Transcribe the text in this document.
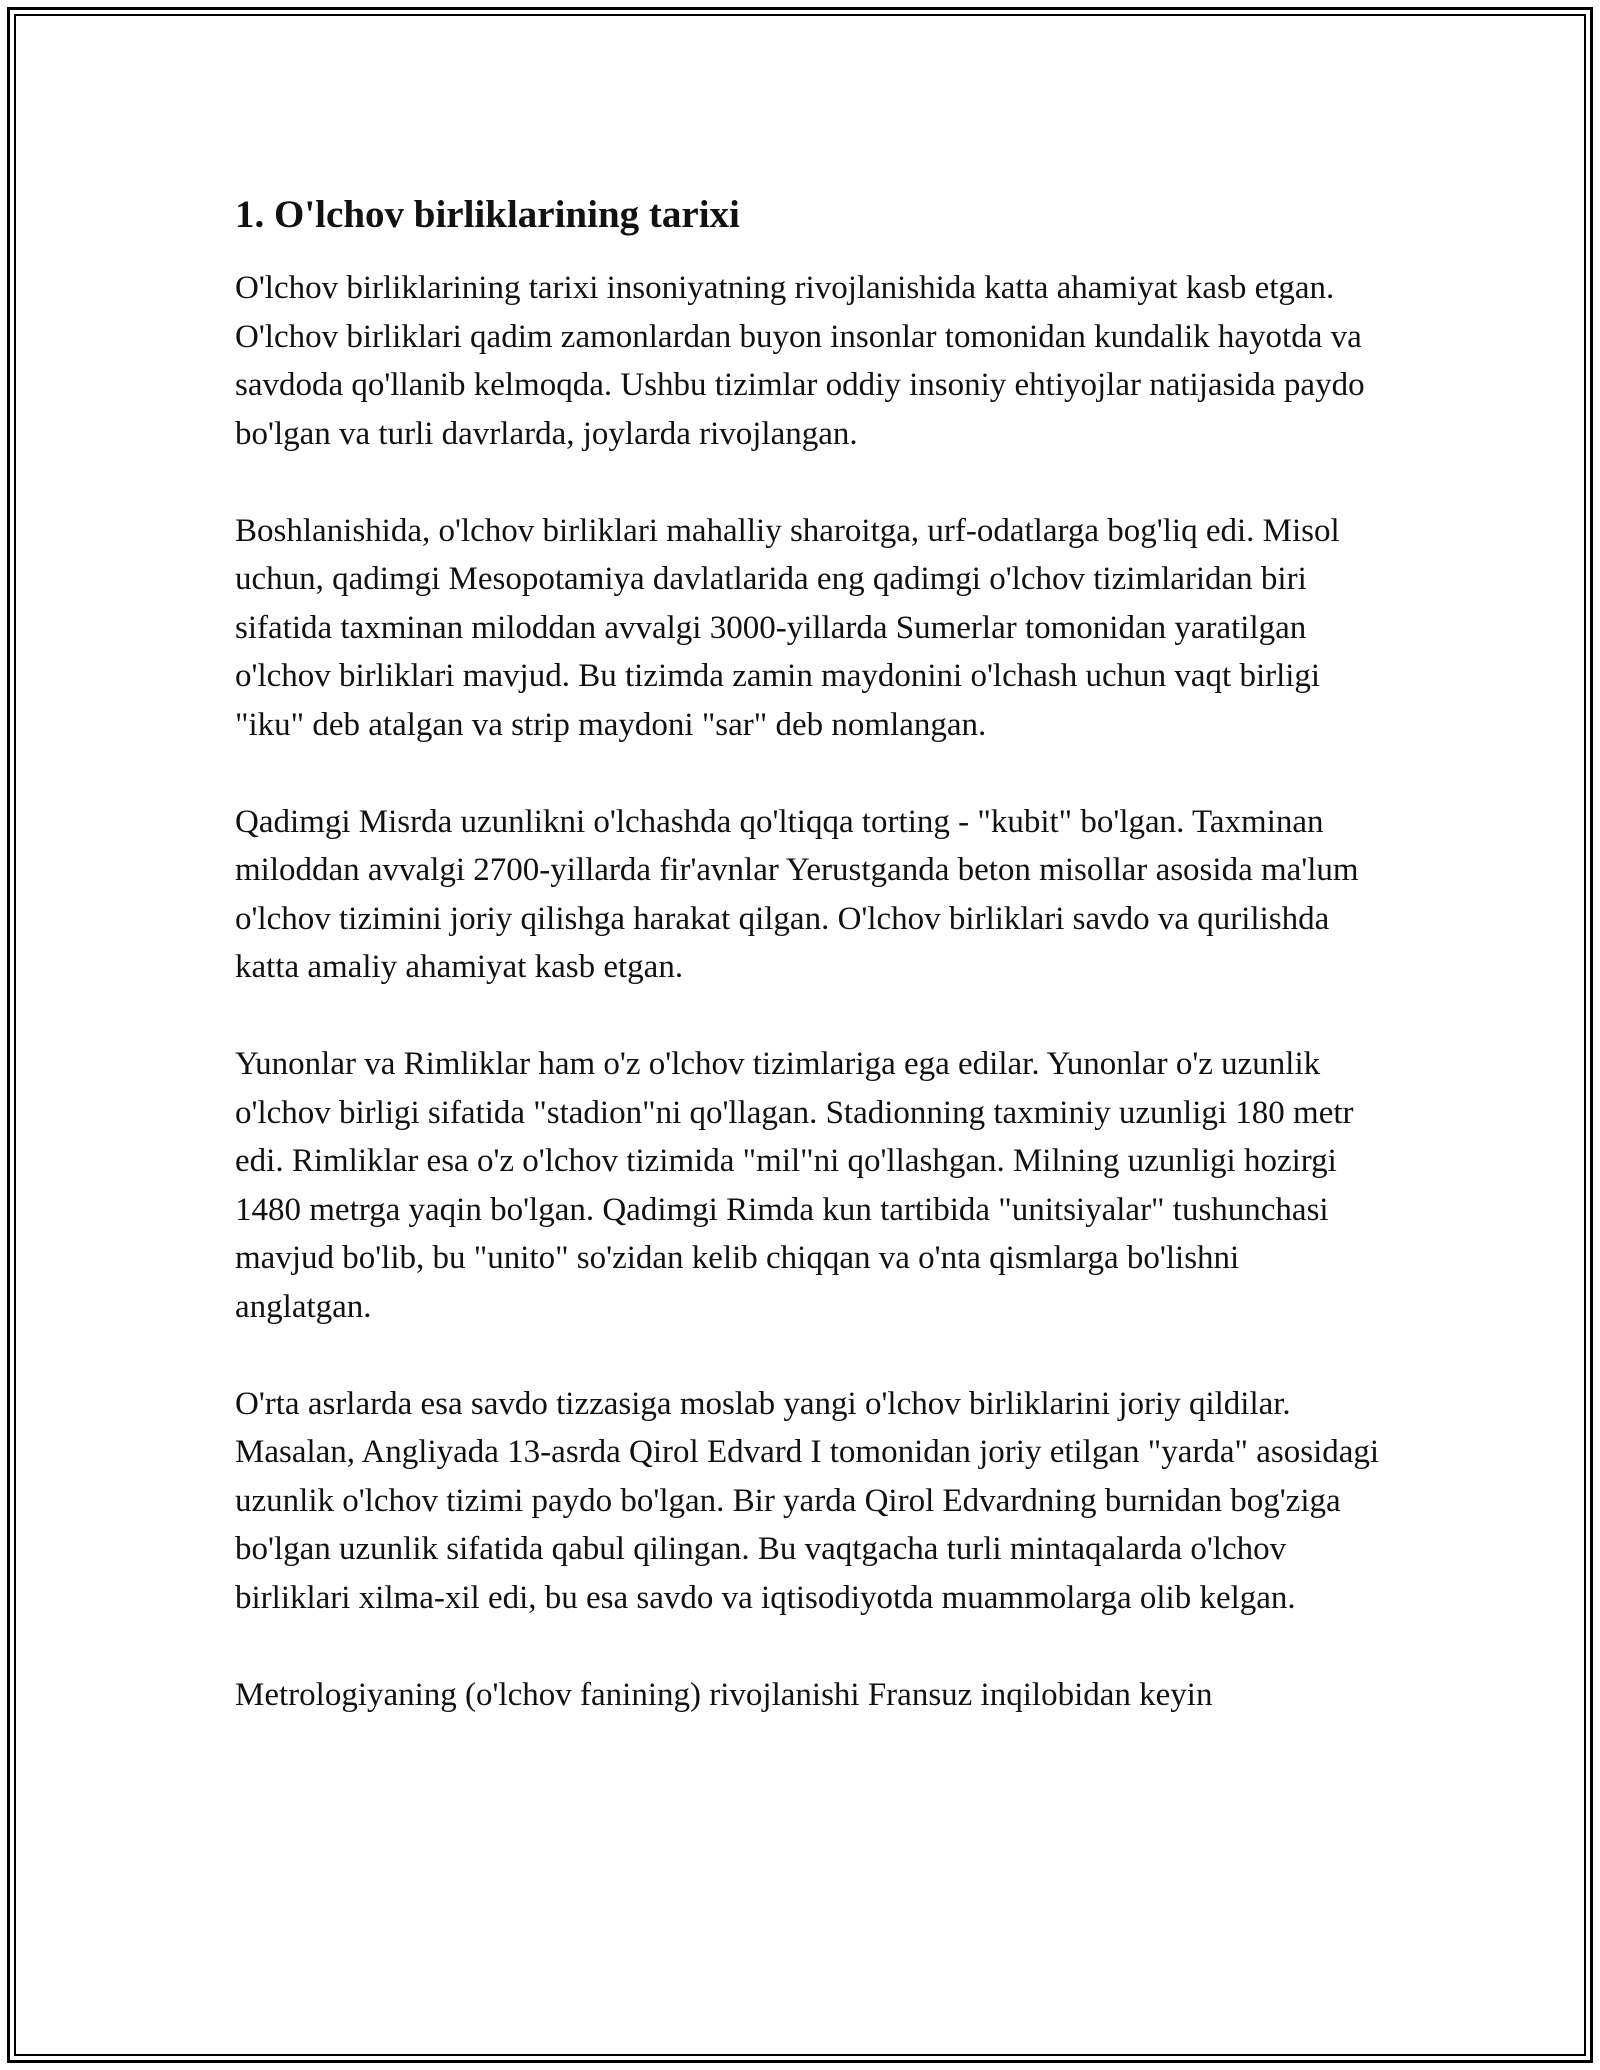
1. O'lchov birliklarining tarixi
O'lchov birliklarining tarixi insoniyatning rivojlanishida katta ahamiyat kasb etgan. O'lchov birliklari qadim zamonlardan buyon insonlar tomonidan kundalik hayotda va savdoda qo'llanib kelmoqda. Ushbu tizimlar oddiy insoniy ehtiyojlar natijasida paydo bo'lgan va turli davrlarda, joylarda rivojlangan.
Boshlanishida, o'lchov birliklari mahalliy sharoitga, urf-odatlarga bog'liq edi. Misol uchun, qadimgi Mesopotamiya davlatlarida eng qadimgi o'lchov tizimlaridan biri sifatida taxminan miloddan avvalgi 3000-yillarda Sumerlar tomonidan yaratilgan o'lchov birliklari mavjud. Bu tizimda zamin maydonini o'lchash uchun vaqt birligi "iku" deb atalgan va strip maydoni "sar" deb nomlangan.
Qadimgi Misrda uzunlikni o'lchashda qo'ltiqqa torting - "kubit" bo'lgan. Taxminan miloddan avvalgi 2700-yillarda fir'avnlar Yerustganda beton misollar asosida ma'lum o'lchov tizimini joriy qilishga harakat qilgan. O'lchov birliklari savdo va qurilishda katta amaliy ahamiyat kasb etgan.
Yunonlar va Rimliklar ham o'z o'lchov tizimlariga ega edilar. Yunonlar o'z uzunlik o'lchov birligi sifatida "stadion"ni qo'llagan. Stadionning taxminiy uzunligi 180 metr edi. Rimliklar esa o'z o'lchov tizimida "mil"ni qo'llashgan. Milning uzunligi hozirgi 1480 metrga yaqin bo'lgan. Qadimgi Rimda kun tartibida "unitsiyalar" tushunchasi mavjud bo'lib, bu "unito" so'zidan kelib chiqqan va o'nta qismlarga bo'lishni anglatgan.
O'rta asrlarda esa savdo tizzasiga moslab yangi o'lchov birliklarini joriy qildilar. Masalan, Angliyada 13-asrda Qirol Edvard I tomonidan joriy etilgan "yarda" asosidagi uzunlik o'lchov tizimi paydo bo'lgan. Bir yarda Qirol Edvardning burnidan bog'ziga bo'lgan uzunlik sifatida qabul qilingan. Bu vaqtgacha turli mintaqalarda o'lchov birliklari xilma-xil edi, bu esa savdo va iqtisodiyotda muammolarga olib kelgan.
Metrologiyaning (o'lchov fanining) rivojlanishi Fransuz inqilobidan keyin
